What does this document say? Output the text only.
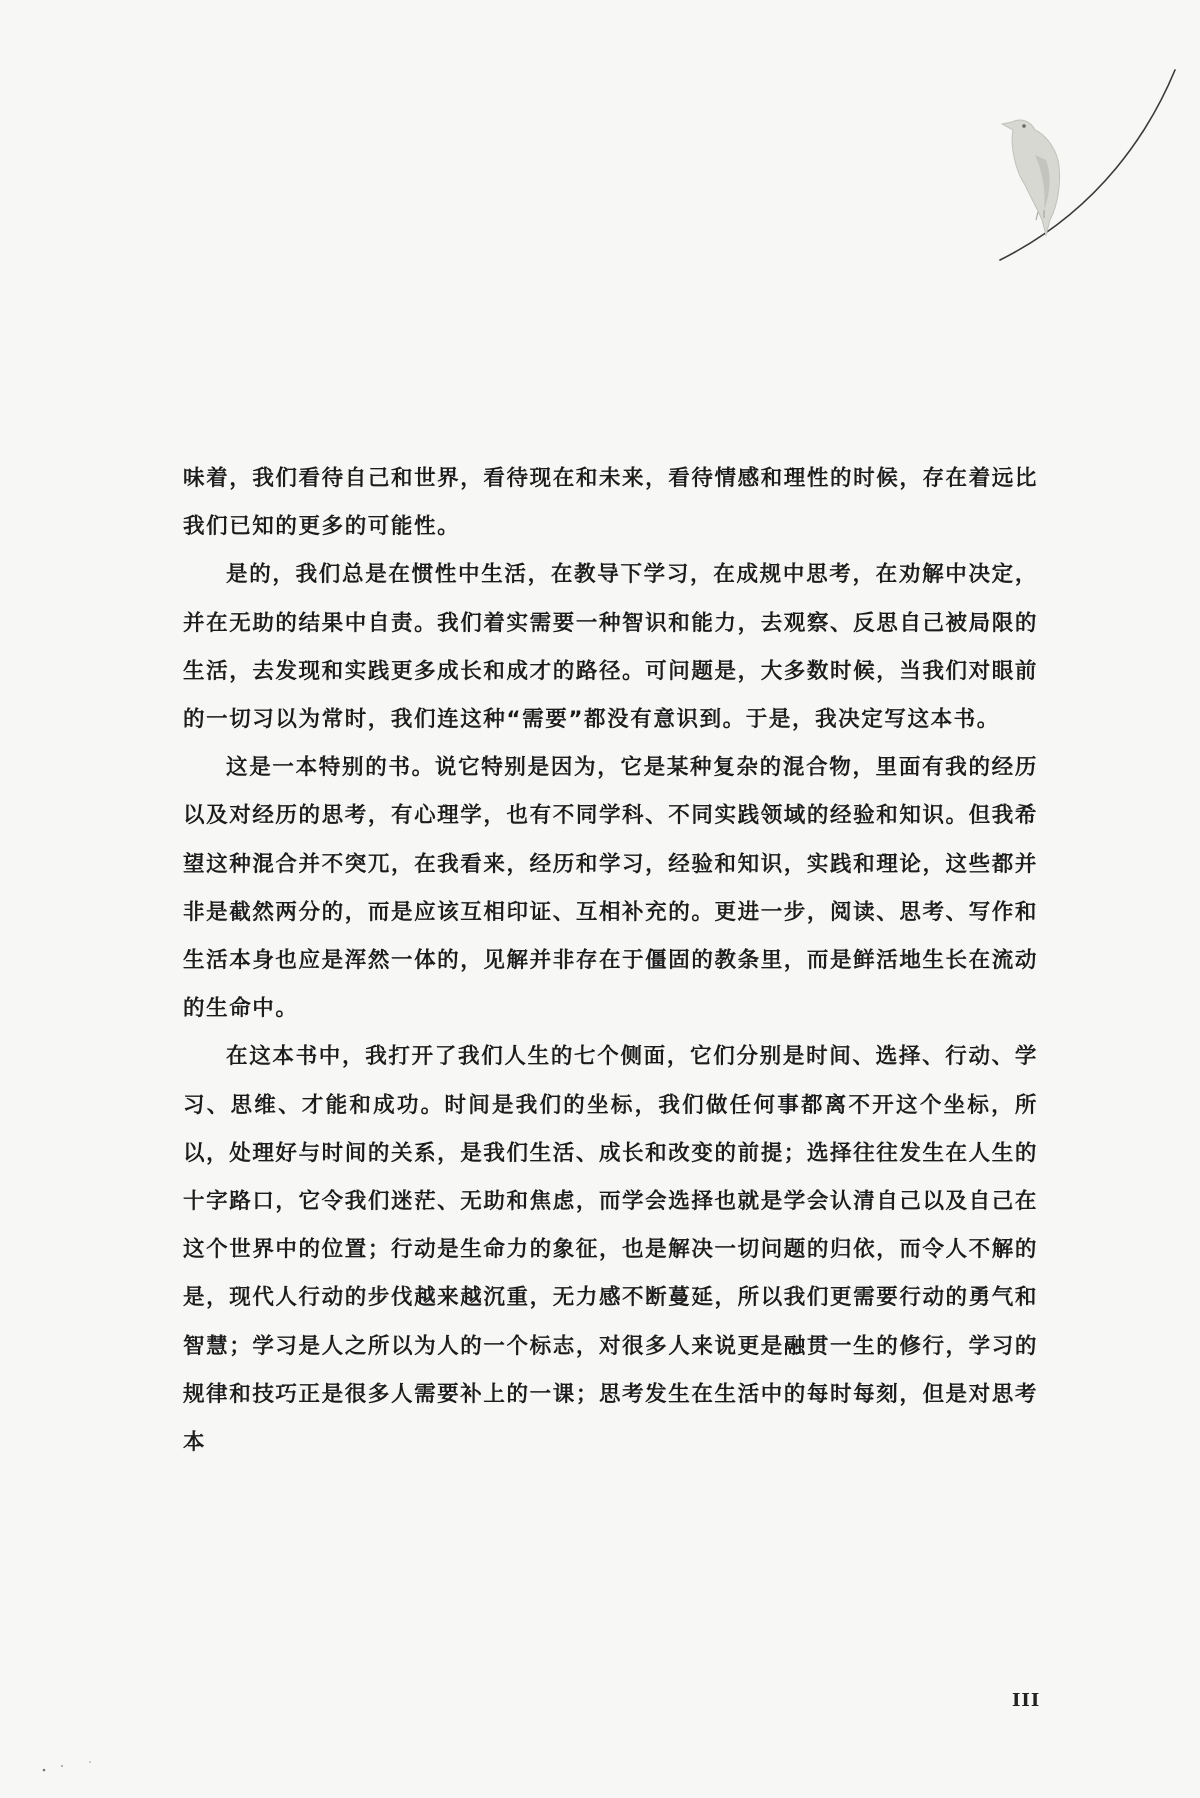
味着，我们看待自己和世界，看待现在和未来，看待情感和理性的时候，存在着远比我们已知的更多的可能性。

是的，我们总是在惯性中生活，在教导下学习，在成规中思考，在劝解中决定，并在无助的结果中自责。我们着实需要一种智识和能力，去观察、反思自己被局限的生活，去发现和实践更多成长和成才的路径。可问题是，大多数时候，当我们对眼前的一切习以为常时，我们连这种“需要”都没有意识到。于是，我决定写这本书。

这是一本特别的书。说它特别是因为，它是某种复杂的混合物，里面有我的经历以及对经历的思考，有心理学，也有不同学科、不同实践领域的经验和知识。但我希望这种混合并不突兀，在我看来，经历和学习，经验和知识，实践和理论，这些都并非是截然两分的，而是应该互相印证、互相补充的。更进一步，阅读、思考、写作和生活本身也应是浑然一体的，见解并非存在于僵固的教条里，而是鲜活地生长在流动的生命中。

在这本书中，我打开了我们人生的七个侧面，它们分别是时间、选择、行动、学习、思维、才能和成功。时间是我们的坐标，我们做任何事都离不开这个坐标，所以，处理好与时间的关系，是我们生活、成长和改变的前提；选择往往发生在人生的十字路口，它令我们迷茫、无助和焦虑，而学会选择也就是学会认清自己以及自己在这个世界中的位置；行动是生命力的象征，也是解决一切问题的归依，而令人不解的是，现代人行动的步伐越来越沉重，无力感不断蔓延，所以我们更需要行动的勇气和智慧；学习是人之所以为人的一个标志，对很多人来说更是融贯一生的修行，学习的规律和技巧正是很多人需要补上的一课；思考发生在生活中的每时每刻，但是对思考本

III
